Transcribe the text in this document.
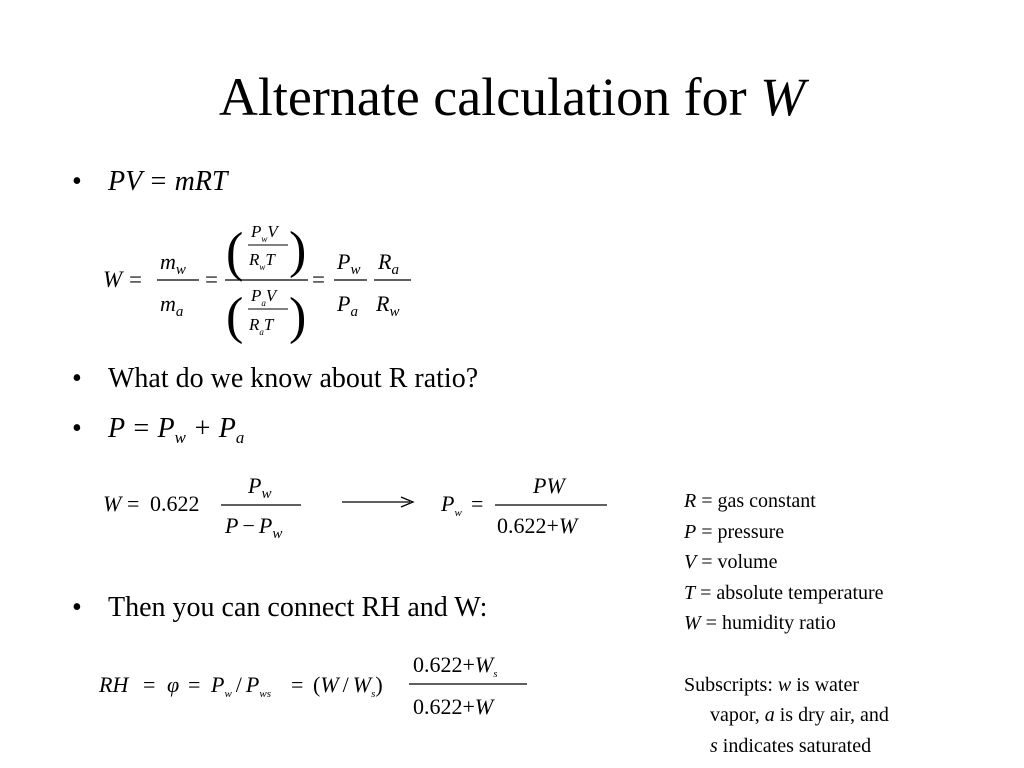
Alternate calculation for W
• PV = mRT
W =
$m_w$
$m_a$
= ( $P_wV$
$R_wT$ )
( $P_aV$
$R_aT$ )
=
$P_w$
$P_a$
$R_a$
$R_w$
• What do we know about R ratio?
• $P = P_w + P_a$
W = 0.622
$P_w$
$P - P_w$
$P_w$ =
PW
0.622+W
• Then you can connect RH and W:
RH = $\varphi = P_w / P_{ws} = (W / W_s)$
$0.622+W_s$
0.622+W
R = gas constant
P = pressure
V = volume
T = absolute temperature
W = humidity ratio
Subscripts: w is water
vapor, a is dry air, and
s indicates saturated
